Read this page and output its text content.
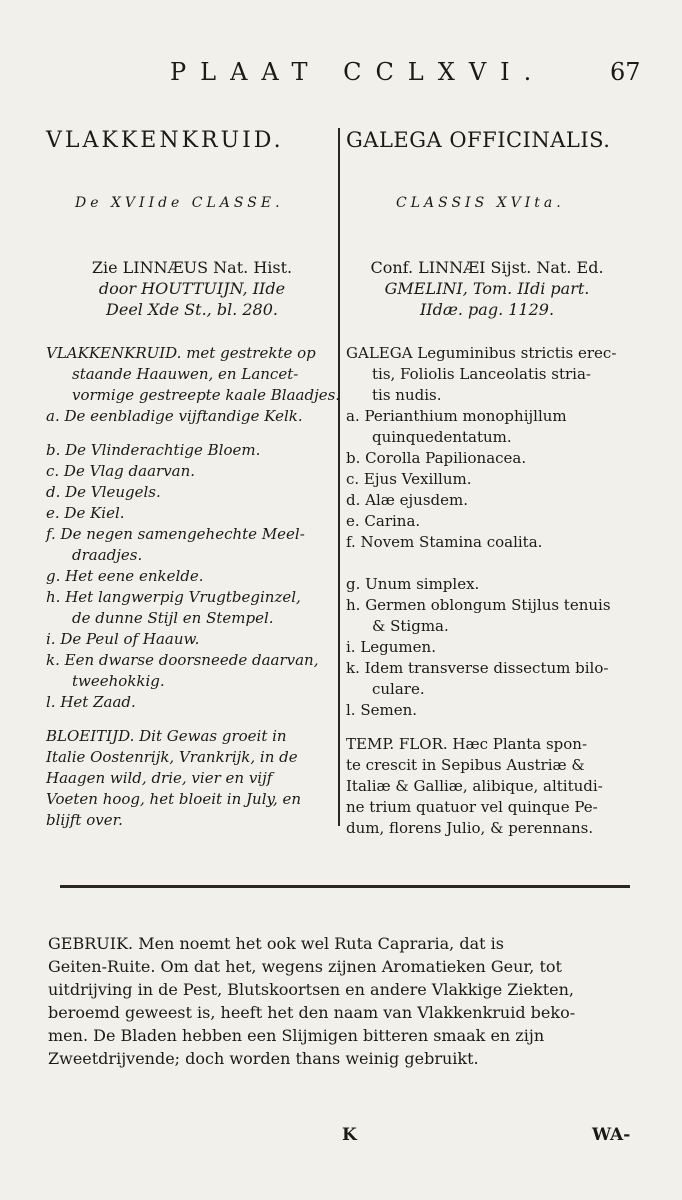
PLAAT CCLXVI.	67
VLAKKENKRUID.	GALEGA OFFICINALIS.
De XVIIde CLASSE.	CLASSIS XVIta.
Zie LINNÆUS Nat. Hist.
door HOUTTUIJN, IIde
Deel Xde St., bl. 280.
Conf. LINNÆI Sijst. Nat. Ed.
GMELINI, Tom. IIdi part.
IIdæ. pag. 1129.
VLAKKENKRUID. met gestrekte op
staande Haauwen, en Lancet-
vormige gestreepte kaale Blaadjes.
a. De eenbladige vijftandige Kelk.
b. De Vlinderachtige Bloem.
c. De Vlag daarvan.
d. De Vleugels.
e. De Kiel.
f. De negen samengehechte Meel-
draadjes.
g. Het eene enkelde.
h. Het langwerpig Vrugtbeginzel,
de dunne Stijl en Stempel.
i. De Peul of Haauw.
k. Een dwarse doorsneede daarvan,
tweehokkig.
l. Het Zaad.
BLOEITIJD. Dit Gewas groeit in
Italie Oostenrijk, Vrankrijk, in de
Haagen wild, drie, vier en vijf
Voeten hoog, het bloeit in July, en
blijft over.
GALEGA Leguminibus strictis erec-
tis, Foliolis Lanceolatis stria-
tis nudis.
a. Perianthium monophijllum
quinquedentatum.
b. Corolla Papilionacea.
c. Ejus Vexillum.
d. Alæ ejusdem.
e. Carina.
f. Novem Stamina coalita.
g. Unum simplex.
h. Germen oblongum Stijlus tenuis
& Stigma.
i. Legumen.
k. Idem transverse dissectum bilo-
culare.
l. Semen.
TEMP. FLOR. Hæc Planta spon-
te crescit in Sepibus Austriæ &
Italiæ & Galliæ, alibique, altitudi-
ne trium quatuor vel quinque Pe-
dum, florens Julio, & perennans.
GEBRUIK. Men noemt het ook wel Ruta Capraria, dat is
Geiten-Ruite. Om dat het, wegens zijnen Aromatieken Geur, tot
uitdrijving in de Pest, Blutskoortsen en andere Vlakkige Ziekten,
beroemd geweest is, heeft het den naam van Vlakkenkruid beko-
men. De Bladen hebben een Slijmigen bitteren smaak en zijn
Zweetdrijvende; doch worden thans weinig gebruikt.
K	WA-
